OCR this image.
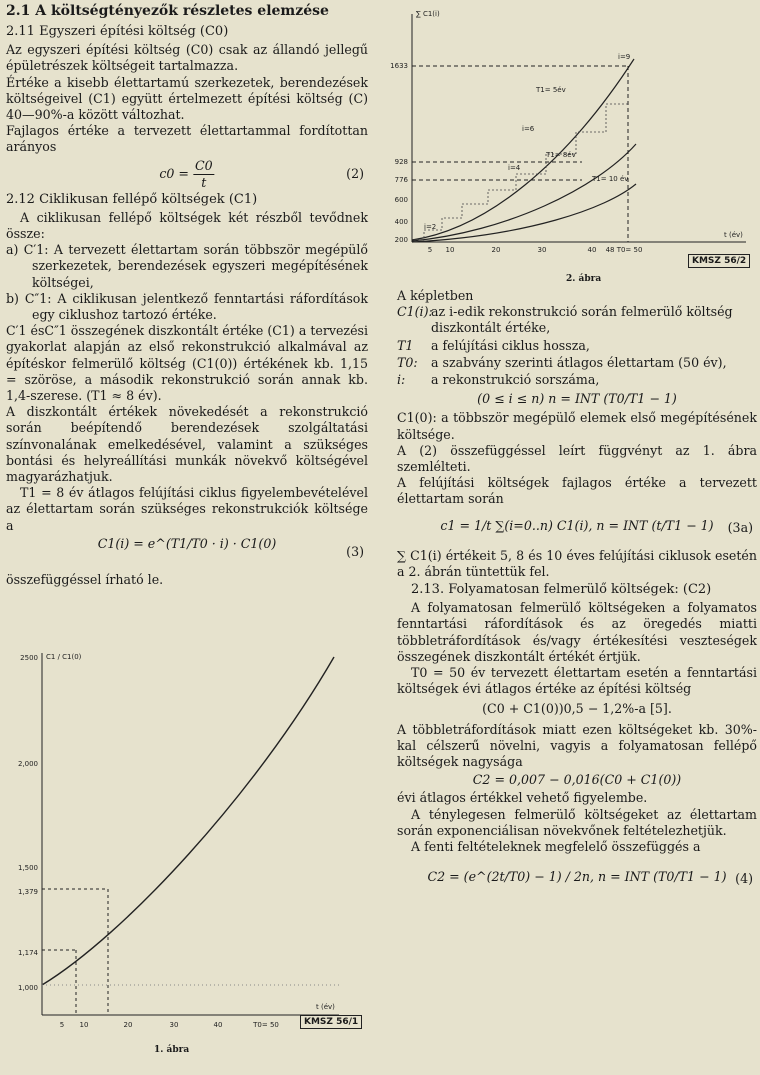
2.1 A költségtényezők részletes elemzése

2.11 Egyszeri építési költség (C0)

Az egyszeri építési költség (C0) csak az állandó jellegű épületrészek költségeit tartalmazza.

Értéke a kisebb élettartamú szerkezetek, berendezések költségeivel (C1) együtt értelmezett építési költség (C) 40—90%-a között változhat.

Fajlagos értéke a tervezett élettartammal fordítottan arányos

$c0 = \frac{C0}{t}$	(2)

2.12 Ciklikusan fellépő költségek (C1)

A ciklikusan fellépő költségek két részből tevődnek össze:

a) C′1: A tervezett élettartam során többször megépülő szerkezetek, berendezések egyszeri megépítésének költségei,

b) C″1: A ciklikusan jelentkező fenntartási ráfordítások egy ciklushoz tartozó értéke.

C′1 ésC″1 összegének diszkontált értéke (C1) a tervezési gyakorlat alapján az első rekonstrukció alkalmával az építéskor felmerülő költség (C1(0)) értékének kb. 1,15 = szöröse, a második rekonstrukció során annak kb. 1,4-szerese. (T1 ≈ 8 év).

A diszkontált értékek növekedését a rekonstrukció során beépítendő berendezések szolgáltatási színvonalának emelkedésével, valamint a szükséges bontási és helyreállítási munkák növekvő költségével magyarázhatjuk.

T1 = 8 év átlagos felújítási ciklus figyelembevételével az élettartam során szükséges rekonstrukciók költsége a

C1(i) = e^(T1/T0 · i) · C1(0)
(3)

összefüggéssel írható le.

C1 / C1(0)
t (év)
2500
2,000
1,500
1,379
1,174
1,000
5 10	20	30	40	T0= 50	KMSZ 56/1
1. ábra
∑ C1(i)
t (év)
1633
928
776
600
400
200
5 10	20	30	40 48 T0= 50
i=9
T1= 5év
i=6
T1= 8év
i=4
T1= 10 év
i=2
KMSZ 56/2
2. ábra

A képletben

C1(i):
az i-edik rekonstrukció során felmerülő költség diszkontált értéke,
T1	a felújítási ciklus hossza,
T0:	a szabvány szerinti átlagos élettartam (50 év),
i:	a rekonstrukció sorszáma,

(0 ≤ i ≤ n) n = INT (T0/T1 − 1)

C1(0): a többször megépülő elemek első megépítésének költsége.

A (2) összefüggéssel leírt függvényt az 1. ábra szemlélteti.

A felújítási költségek fajlagos értéke a tervezett élettartam során

c1 = 1/t ∑(i=0..n) C1(i), n = INT (t/T1 − 1) (3a)

∑ C1(i) értékeit 5, 8 és 10 éves felújítási ciklusok esetén a 2. ábrán tüntettük fel.

2.13. Folyamatosan felmerülő költségek: (C2)

A folyamatosan felmerülő költségeken a folyamatos fenntartási ráfordítások és az öregedés miatti többletráfordítások és/vagy értékesítési veszteségek összegének diszkontált értékét értjük.

T0 = 50 év tervezett élettartam esetén a fenntartási költségek évi átlagos értéke az építési költség

(C0 + C1(0))0,5 − 1,2%-a [5].

A többletráfordítások miatt ezen költségeket kb. 30%-kal célszerű növelni, vagyis a folyamatosan fellépő költségek nagysága

C2 = 0,007 − 0,016(C0 + C1(0))

évi átlagos értékkel vehető figyelembe.

A ténylegesen felmerülő költségeket az élettartam során exponenciálisan növekvőnek feltételezhetjük.

A fenti feltételeknek megfelelő összefüggés a

C2 = (e^(2t/T0) − 1) / 2n, n = INT (T0/T1 − 1) (4)
